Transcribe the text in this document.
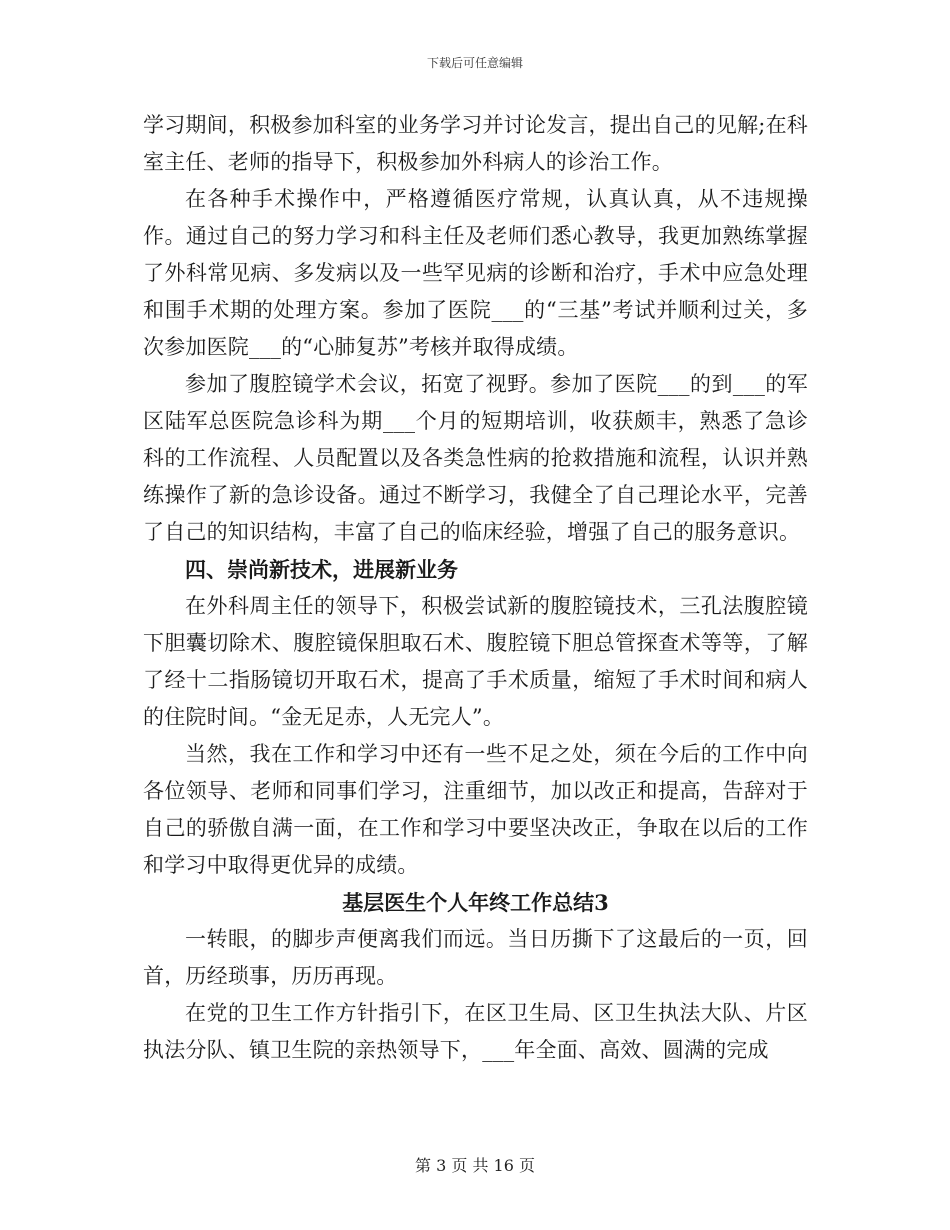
下载后可任意编辑

学习期间，积极参加科室的业务学习并讨论发言，提出自己的见解;在科室主任、老师的指导下，积极参加外科病人的诊治工作。

在各种手术操作中，严格遵循医疗常规，认真认真，从不违规操作。通过自己的努力学习和科主任及老师们悉心教导，我更加熟练掌握了外科常见病、多发病以及一些罕见病的诊断和治疗，手术中应急处理和围手术期的处理方案。参加了医院___的“三基”考试并顺利过关，多次参加医院___的“心肺复苏”考核并取得成绩。

参加了腹腔镜学术会议，拓宽了视野。参加了医院___的到___的军区陆军总医院急诊科为期___个月的短期培训，收获颇丰，熟悉了急诊科的工作流程、人员配置以及各类急性病的抢救措施和流程，认识并熟练操作了新的急诊设备。通过不断学习，我健全了自己理论水平，完善了自己的知识结构，丰富了自己的临床经验，增强了自己的服务意识。

四、崇尚新技术，进展新业务

在外科周主任的领导下，积极尝试新的腹腔镜技术，三孔法腹腔镜下胆囊切除术、腹腔镜保胆取石术、腹腔镜下胆总管探查术等等，了解了经十二指肠镜切开取石术，提高了手术质量，缩短了手术时间和病人的住院时间。“金无足赤，人无完人”。

当然，我在工作和学习中还有一些不足之处，须在今后的工作中向各位领导、老师和同事们学习，注重细节，加以改正和提高，告辞对于自己的骄傲自满一面，在工作和学习中要坚决改正，争取在以后的工作和学习中取得更优异的成绩。

基层医生个人年终工作总结3

一转眼，的脚步声便离我们而远。当日历撕下了这最后的一页，回首，历经琐事，历历再现。

在党的卫生工作方针指引下，在区卫生局、区卫生执法大队、片区执法分队、镇卫生院的亲热领导下，___年全面、高效、圆满的完成

第 3 页 共 16 页
